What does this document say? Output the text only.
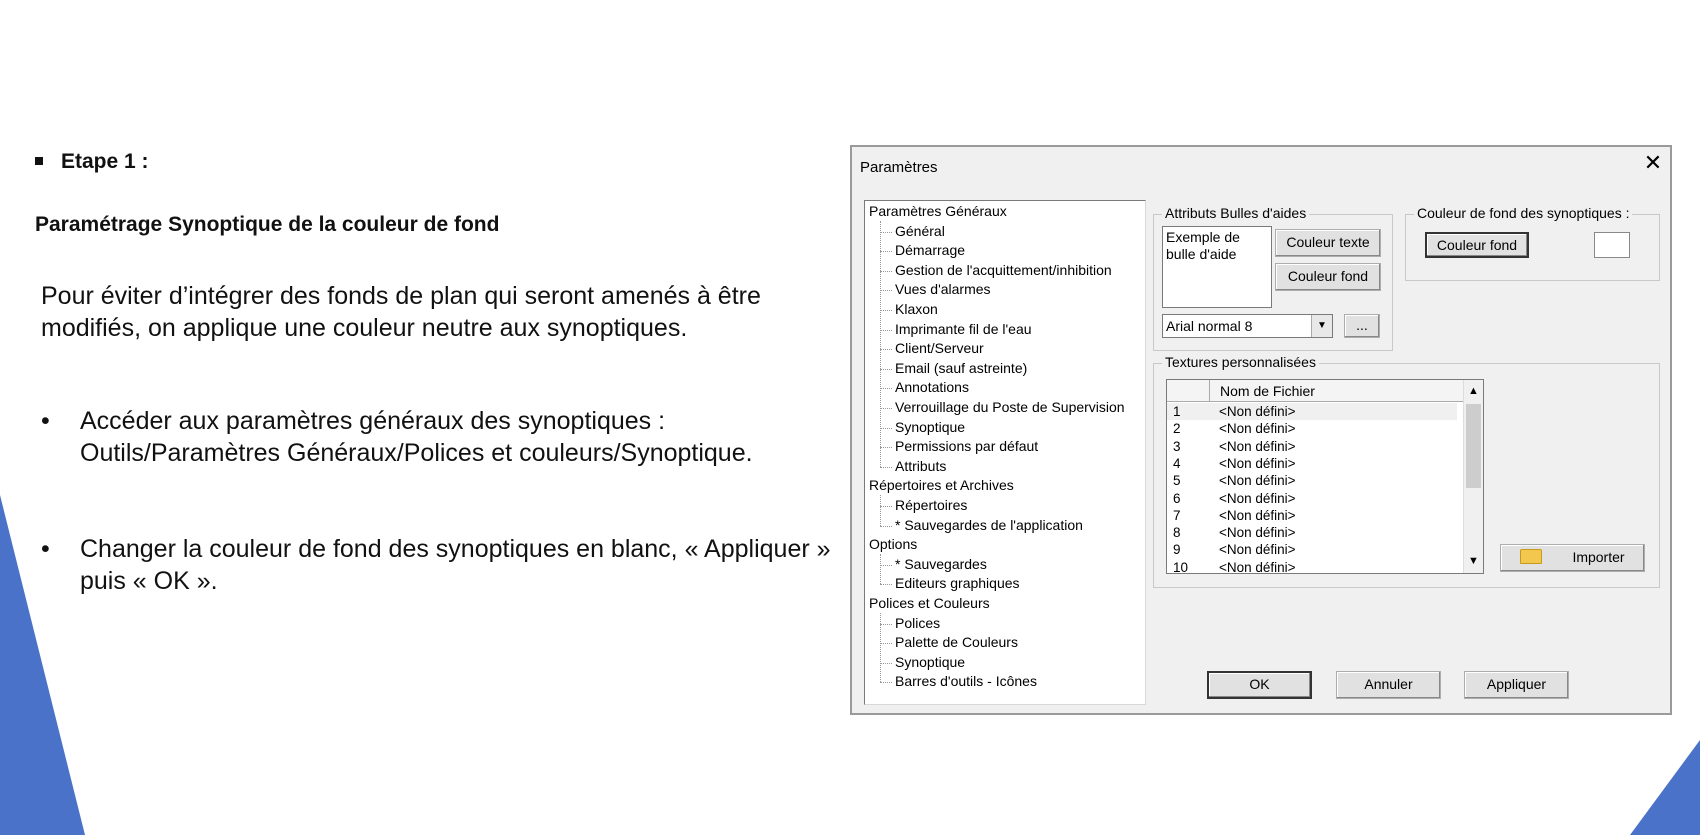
Etape 1 :
Paramétrage Synoptique de la couleur de fond
Pour éviter d’intégrer des fonds de plan qui seront amenés à être modifiés, on applique une couleur neutre aux synoptiques.
• Accéder aux paramètres généraux des synoptiques : Outils/Paramètres Généraux/Polices et couleurs/Synoptique.
• Changer la couleur de fond des synoptiques en blanc, « Appliquer » puis « OK ».
Paramètres	✕
Paramètres Généraux
Général
Démarrage
Gestion de l'acquittement/inhibition
Vues d'alarmes
Klaxon
Imprimante fil de l'eau
Client/Serveur
Email (sauf astreinte)
Annotations
Verrouillage du Poste de Supervision
Synoptique
Permissions par défaut
Attributs
Répertoires et Archives
Répertoires
* Sauvegardes de l'application
Options
* Sauvegardes
Editeurs graphiques
Polices et Couleurs
Polices
Palette de Couleurs
Synoptique
Barres d'outils - Icônes
Attributs Bulles d'aides
Exemple de bulle d'aide
Couleur texte
Couleur fond
Arial normal 8	▼	...
Couleur de fond des synoptiques :
Couleur fond
Textures personnalisées
Nom de Fichier
1	<Non défini>
2	<Non défini>
3	<Non défini>
4	<Non défini>
5	<Non défini>
6	<Non défini>
7	<Non défini>
8	<Non défini>
9	<Non défini>
10 <Non défini>
▲
▼	Importer
OK	Annuler	Appliquer
